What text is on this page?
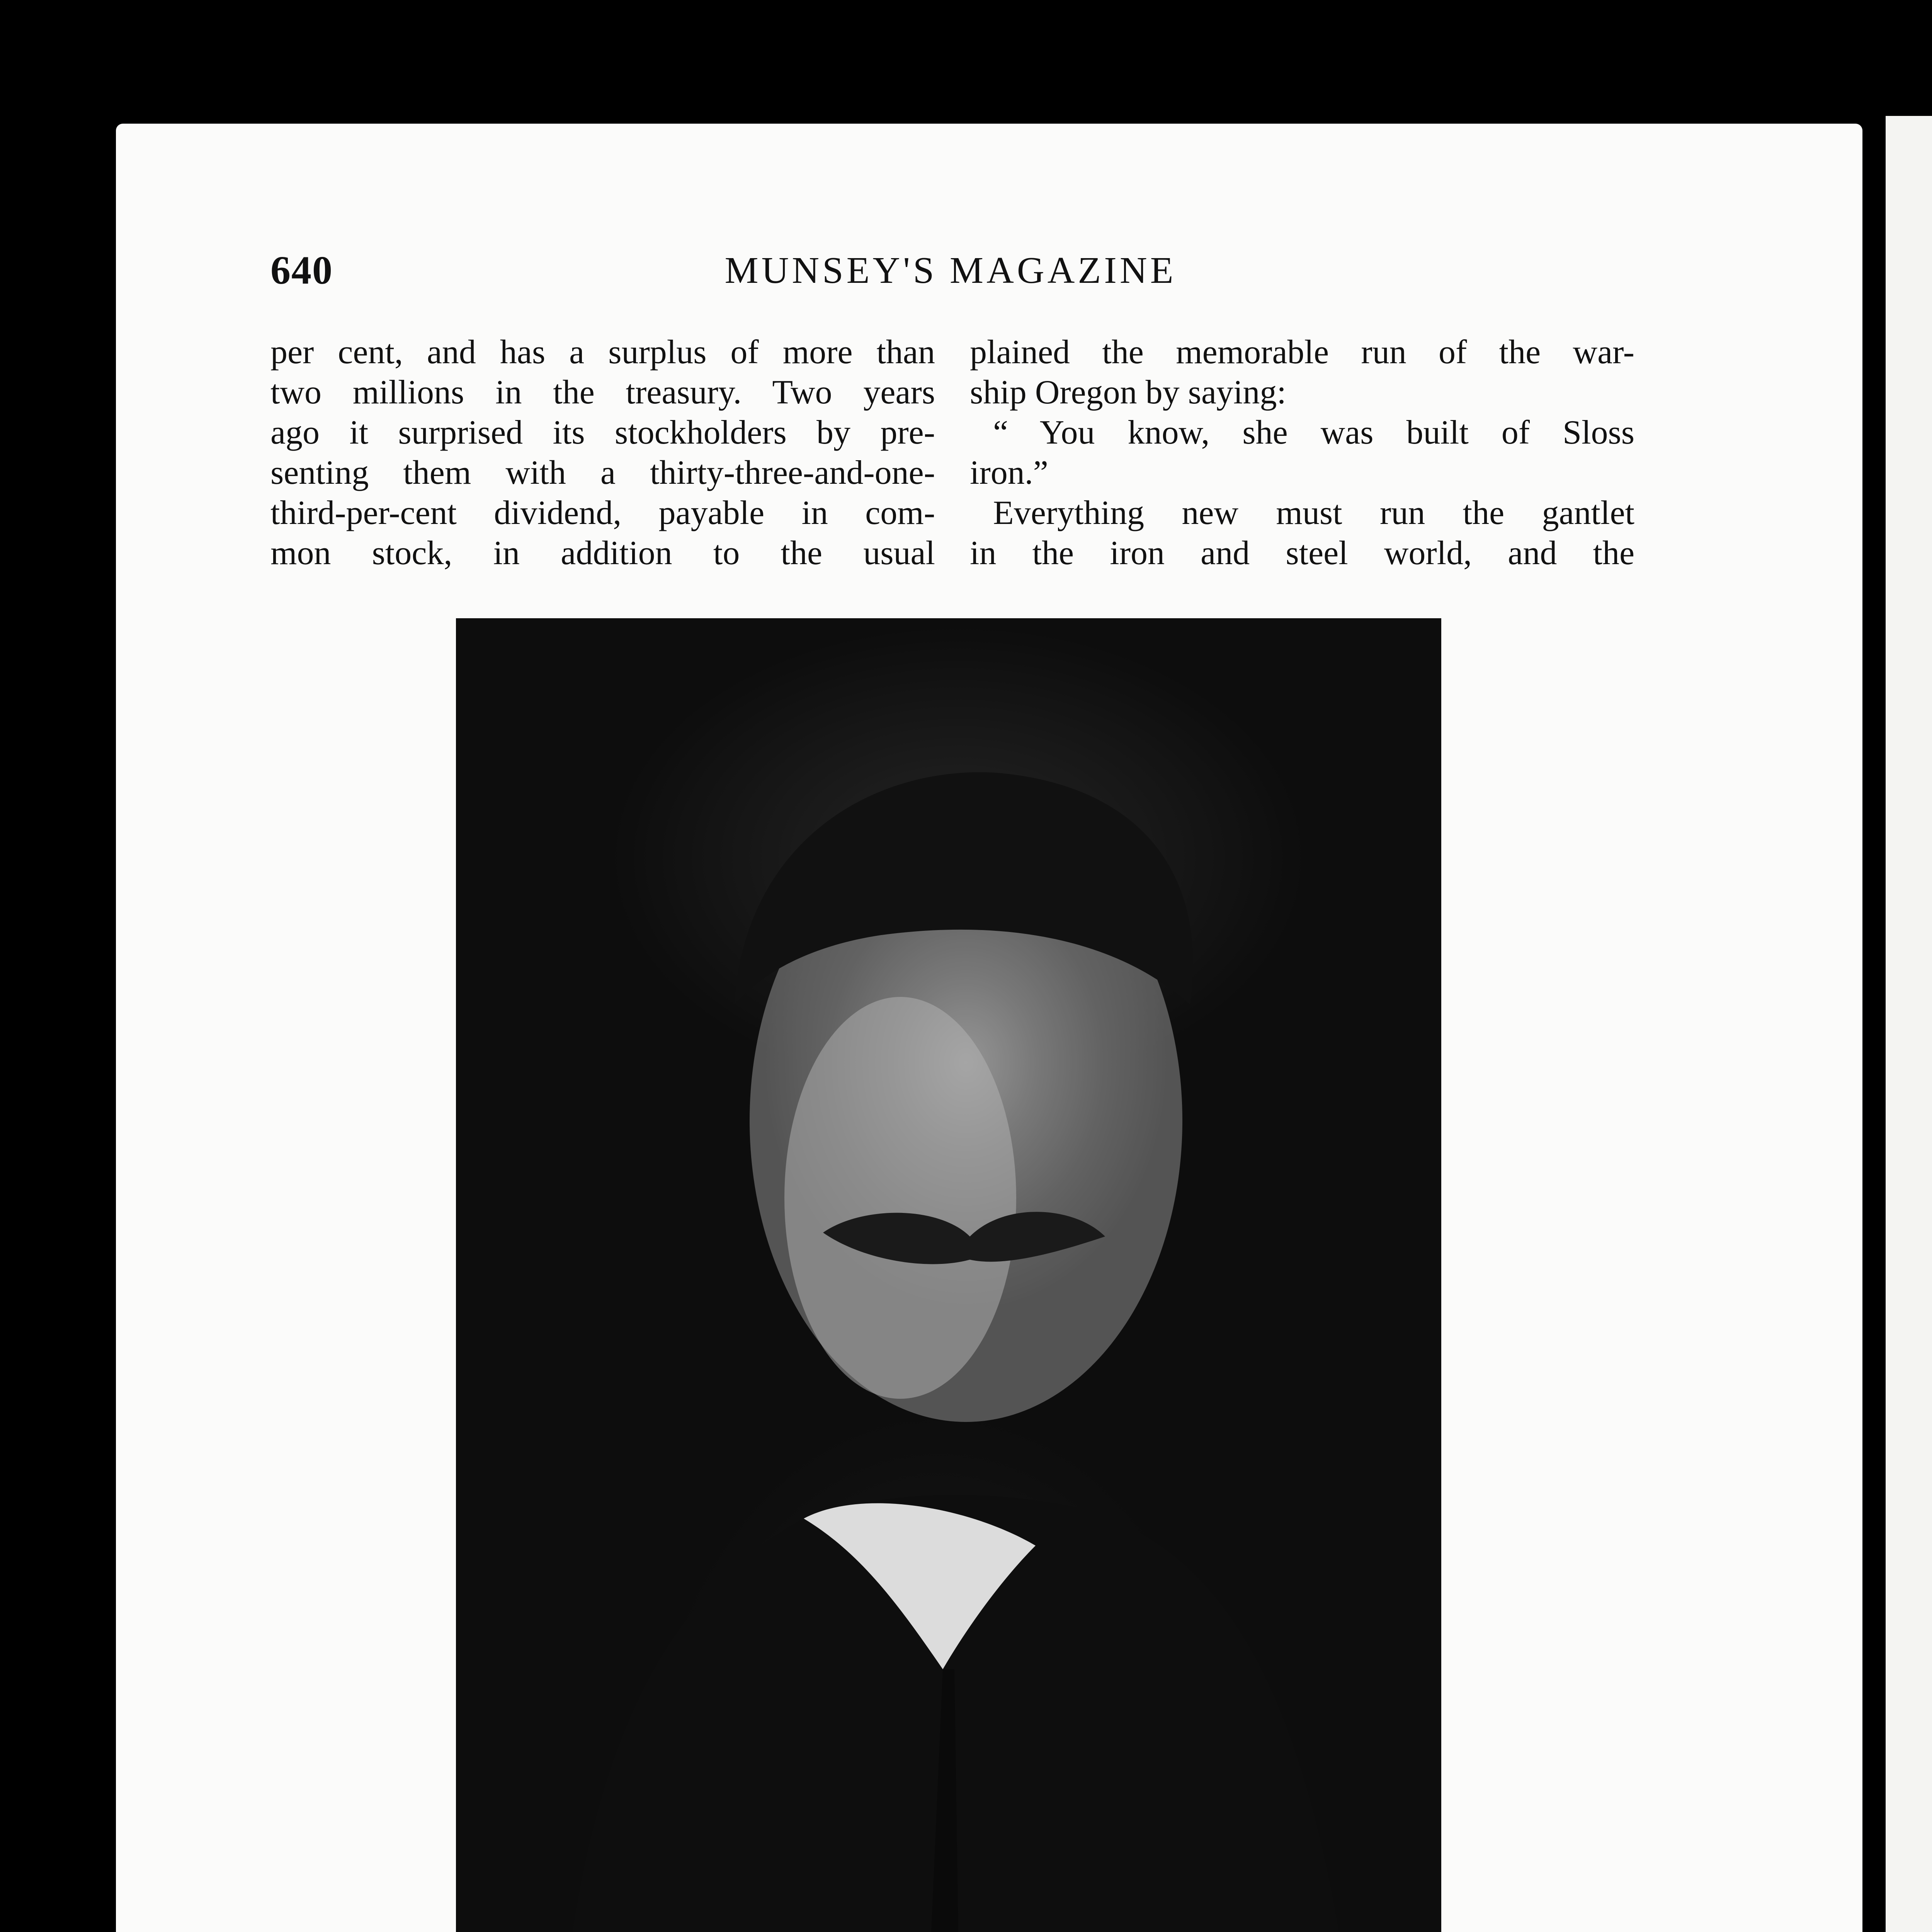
640	MUNSEY'S MAGAZINE

per cent, and has a surplus of more than

two millions in the treasury. Two years

ago it surprised its stockholders by pre-

senting them with a thirty-three-and-one-

third-per-cent dividend, payable in com-

mon stock, in addition to the usual

plained the memorable run of the war-

ship Oregon by saying:

“ You know, she was built of Sloss

iron.”

Everything new must run the gantlet

in the iron and steel world, and the
